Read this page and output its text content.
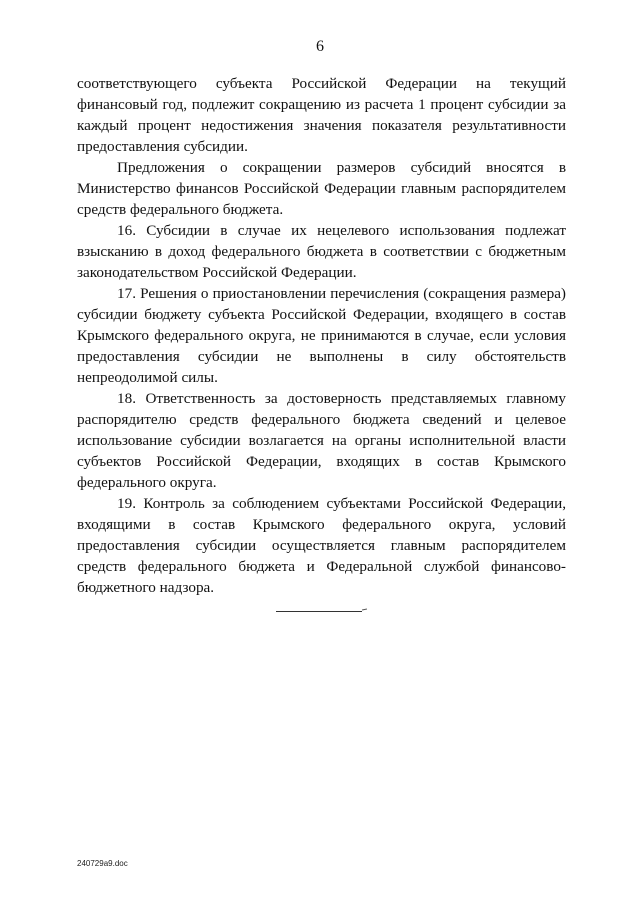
6

соответствующего субъекта Российской Федерации на текущий финансовый год, подлежит сокращению из расчета 1 процент субсидии за каждый процент недостижения значения показателя результативности предоставления субсидии.

Предложения о сокращении размеров субсидий вносятся в Министерство финансов Российской Федерации главным распорядителем средств федерального бюджета.

16. Субсидии в случае их нецелевого использования подлежат взысканию в доход федерального бюджета в соответствии с бюджетным законодательством Российской Федерации.

17. Решения о приостановлении перечисления (сокращения размера) субсидии бюджету субъекта Российской Федерации, входящего в состав Крымского федерального округа, не принимаются в случае, если условия предоставления субсидии не выполнены в силу обстоятельств непреодолимой силы.

18. Ответственность за достоверность представляемых главному распорядителю средств федерального бюджета сведений и целевое использование субсидии возлагается на органы исполнительной власти субъектов Российской Федерации, входящих в состав Крымского федерального округа.

19. Контроль за соблюдением субъектами Российской Федерации, входящими в состав Крымского федерального округа, условий предоставления субсидии осуществляется главным распорядителем средств федерального бюджета и Федеральной службой финансово-бюджетного надзора.

240729a9.doc
